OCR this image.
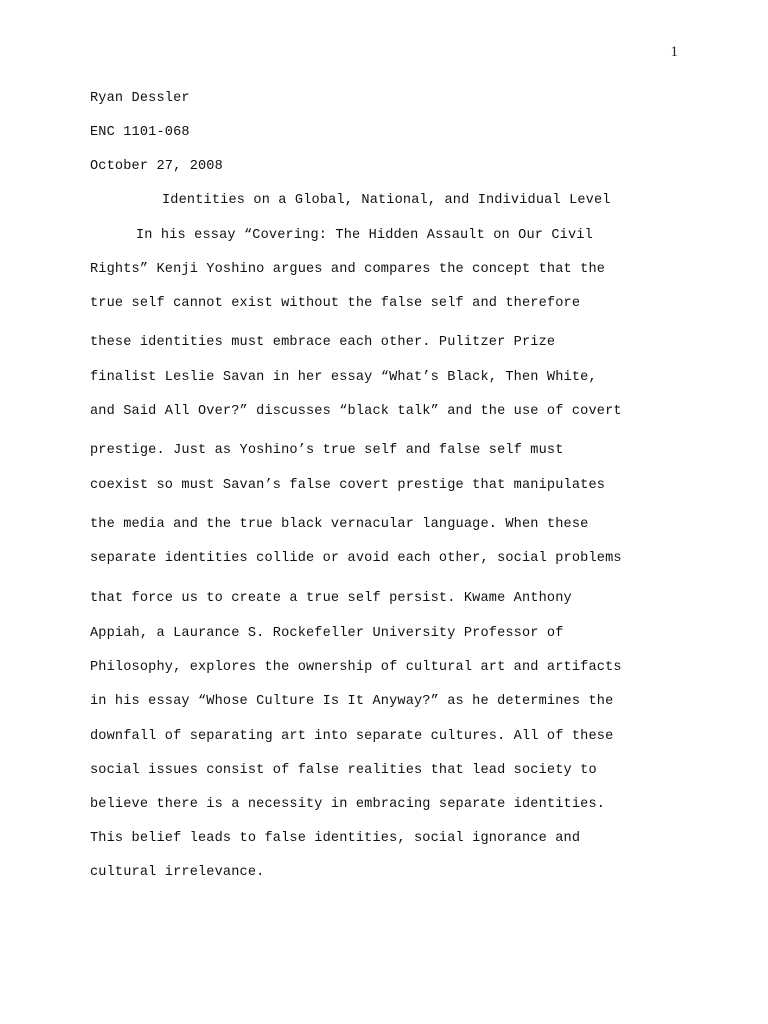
1
Ryan Dessler
ENC 1101-068
October 27, 2008
Identities on a Global, National, and Individual Level
In his essay “Covering: The Hidden Assault on Our Civil
Rights” Kenji Yoshino argues and compares the concept that the
true self cannot exist without the false self and therefore
these identities must embrace each other. Pulitzer Prize
finalist Leslie Savan in her essay “What’s Black, Then White,
and Said All Over?” discusses “black talk” and the use of covert
prestige. Just as Yoshino’s true self and false self must
coexist so must Savan’s false covert prestige that manipulates
the media and the true black vernacular language. When these
separate identities collide or avoid each other, social problems
that force us to create a true self persist. Kwame Anthony
Appiah, a Laurance S. Rockefeller University Professor of
Philosophy, explores the ownership of cultural art and artifacts
in his essay “Whose Culture Is It Anyway?” as he determines the
downfall of separating art into separate cultures. All of these
social issues consist of false realities that lead society to
believe there is a necessity in embracing separate identities.
This belief leads to false identities, social ignorance and
cultural irrelevance.
